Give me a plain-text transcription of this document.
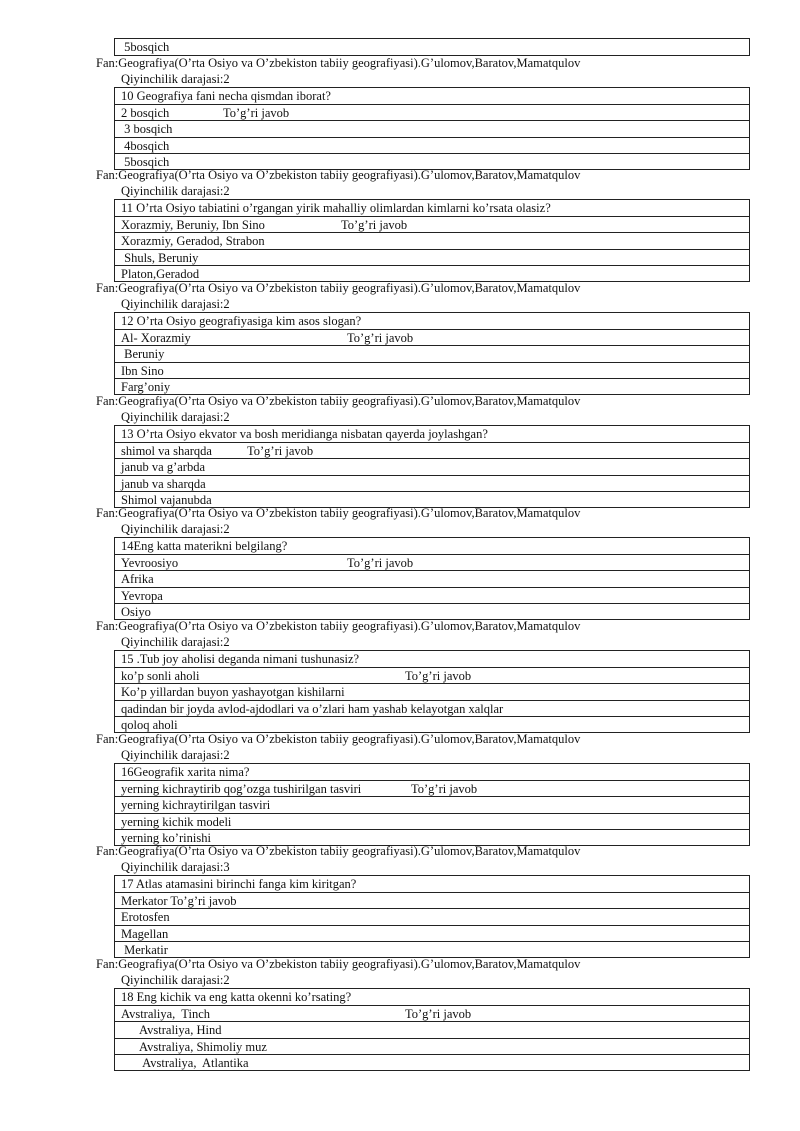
5bosqich
Fan:Geografiya(O’rta Osiyo va O’zbekiston tabiiy geografiyasi).G’ulomov,Baratov,Mamatqulov
Qiyinchilik darajasi:2
10 Geografiya fani necha qismdan iborat?
2 bosqich	To’g’ri javob
3 bosqich
4bosqich
5bosqich
Fan:Geografiya(O’rta Osiyo va O’zbekiston tabiiy geografiyasi).G’ulomov,Baratov,Mamatqulov
Qiyinchilik darajasi:2
11 O’rta Osiyo tabiatini o’rgangan yirik mahalliy olimlardan kimlarni ko’rsata olasiz?
Xorazmiy, Beruniy, Ibn Sino	To’g’ri javob
Xorazmiy, Geradod, Strabon
Shuls, Beruniy
Platon,Geradod
Fan:Geografiya(O’rta Osiyo va O’zbekiston tabiiy geografiyasi).G’ulomov,Baratov,Mamatqulov
Qiyinchilik darajasi:2
12 O’rta Osiyo geografiyasiga kim asos slogan?
Al- Xorazmiy	To’g’ri javob
Beruniy
Ibn Sino
Farg’oniy
Fan:Geografiya(O’rta Osiyo va O’zbekiston tabiiy geografiyasi).G’ulomov,Baratov,Mamatqulov
Qiyinchilik darajasi:2
13 O’rta Osiyo ekvator va bosh meridianga nisbatan qayerda joylashgan?
shimol va sharqda	To’g’ri javob
janub va g’arbda
janub va sharqda
Shimol vajanubda
Fan:Geografiya(O’rta Osiyo va O’zbekiston tabiiy geografiyasi).G’ulomov,Baratov,Mamatqulov
Qiyinchilik darajasi:2
14Eng katta materikni belgilang?
Yevroosiyo	To’g’ri javob
Afrika
Yevropa
Osiyo
Fan:Geografiya(O’rta Osiyo va O’zbekiston tabiiy geografiyasi).G’ulomov,Baratov,Mamatqulov
Qiyinchilik darajasi:2
15 .Tub joy aholisi deganda nimani tushunasiz?
ko’p sonli aholi	To’g’ri javob
Ko’p yillardan buyon yashayotgan kishilarni
qadindan bir joyda avlod-ajdodlari va o’zlari ham yashab kelayotgan xalqlar
qoloq aholi
Fan:Geografiya(O’rta Osiyo va O’zbekiston tabiiy geografiyasi).G’ulomov,Baratov,Mamatqulov
Qiyinchilik darajasi:2
16Geografik xarita nima?
yerning kichraytirib qog’ozga tushirilgan tasviri	To’g’ri javob
yerning kichraytirilgan tasviri
yerning kichik modeli
yerning ko’rinishi
Fan:Geografiya(O’rta Osiyo va O’zbekiston tabiiy geografiyasi).G’ulomov,Baratov,Mamatqulov
Qiyinchilik darajasi:3
17 Atlas atamasini birinchi fanga kim kiritgan?
Merkator To’g’ri javob
Erotosfen
Magellan
Merkatir
Fan:Geografiya(O’rta Osiyo va O’zbekiston tabiiy geografiyasi).G’ulomov,Baratov,Mamatqulov
Qiyinchilik darajasi:2
18 Eng kichik va eng katta okenni ko’rsating?
Avstraliya,  Tinch	To’g’ri javob
Avstraliya, Hind
Avstraliya, Shimoliy muz
Avstraliya,  Atlantika
